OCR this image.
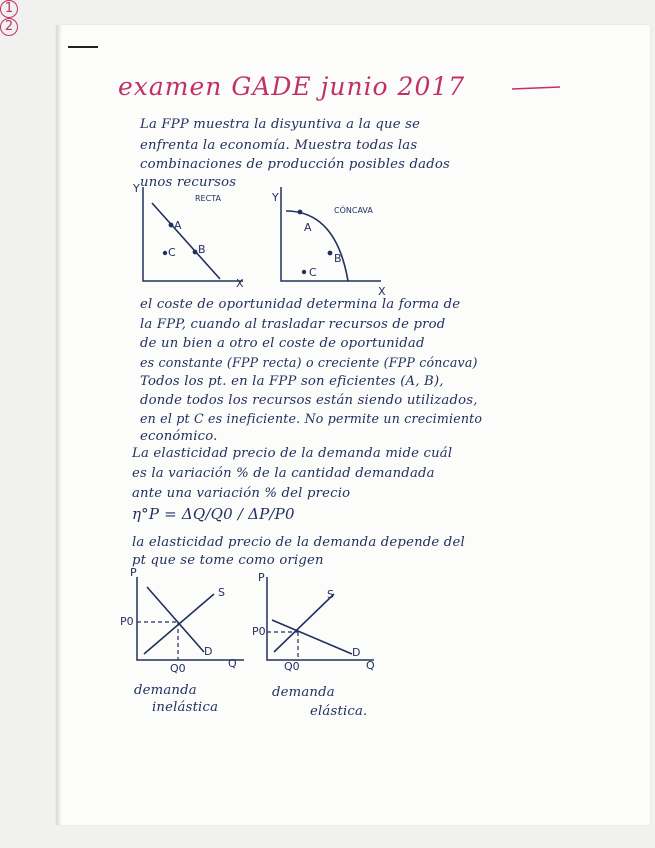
examen GADE junio 2017
1
La FPP muestra la disyuntiva a la que se
enfrenta la economía. Muestra todas las
combinaciones de producción posibles dados
unos recursos
Y
RECTA
A
B
C
X
Y
CÓNCAVA
A
B
C
X
el coste de oportunidad determina la forma de
la FPP, cuando al trasladar recursos de prod
de un bien a otro el coste de oportunidad
es constante (FPP recta) o creciente (FPP cóncava)
Todos los pt. en la FPP son eficientes (A, B),
donde todos los recursos están siendo utilizados,
en el pt C es ineficiente. No permite un crecimiento
económico.
2
La elasticidad precio de la demanda mide cuál
es la variación % de la cantidad demandada
ante una variación % del precio
η°P = ΔQ/Q0 / ΔP/P0
la elasticidad precio de la demanda depende del
pt que se tome como origen
P
S
P0
D
Q0	Q
demanda
inelástica
P
S
P0
D
Q0	Q
demanda
elástica.
